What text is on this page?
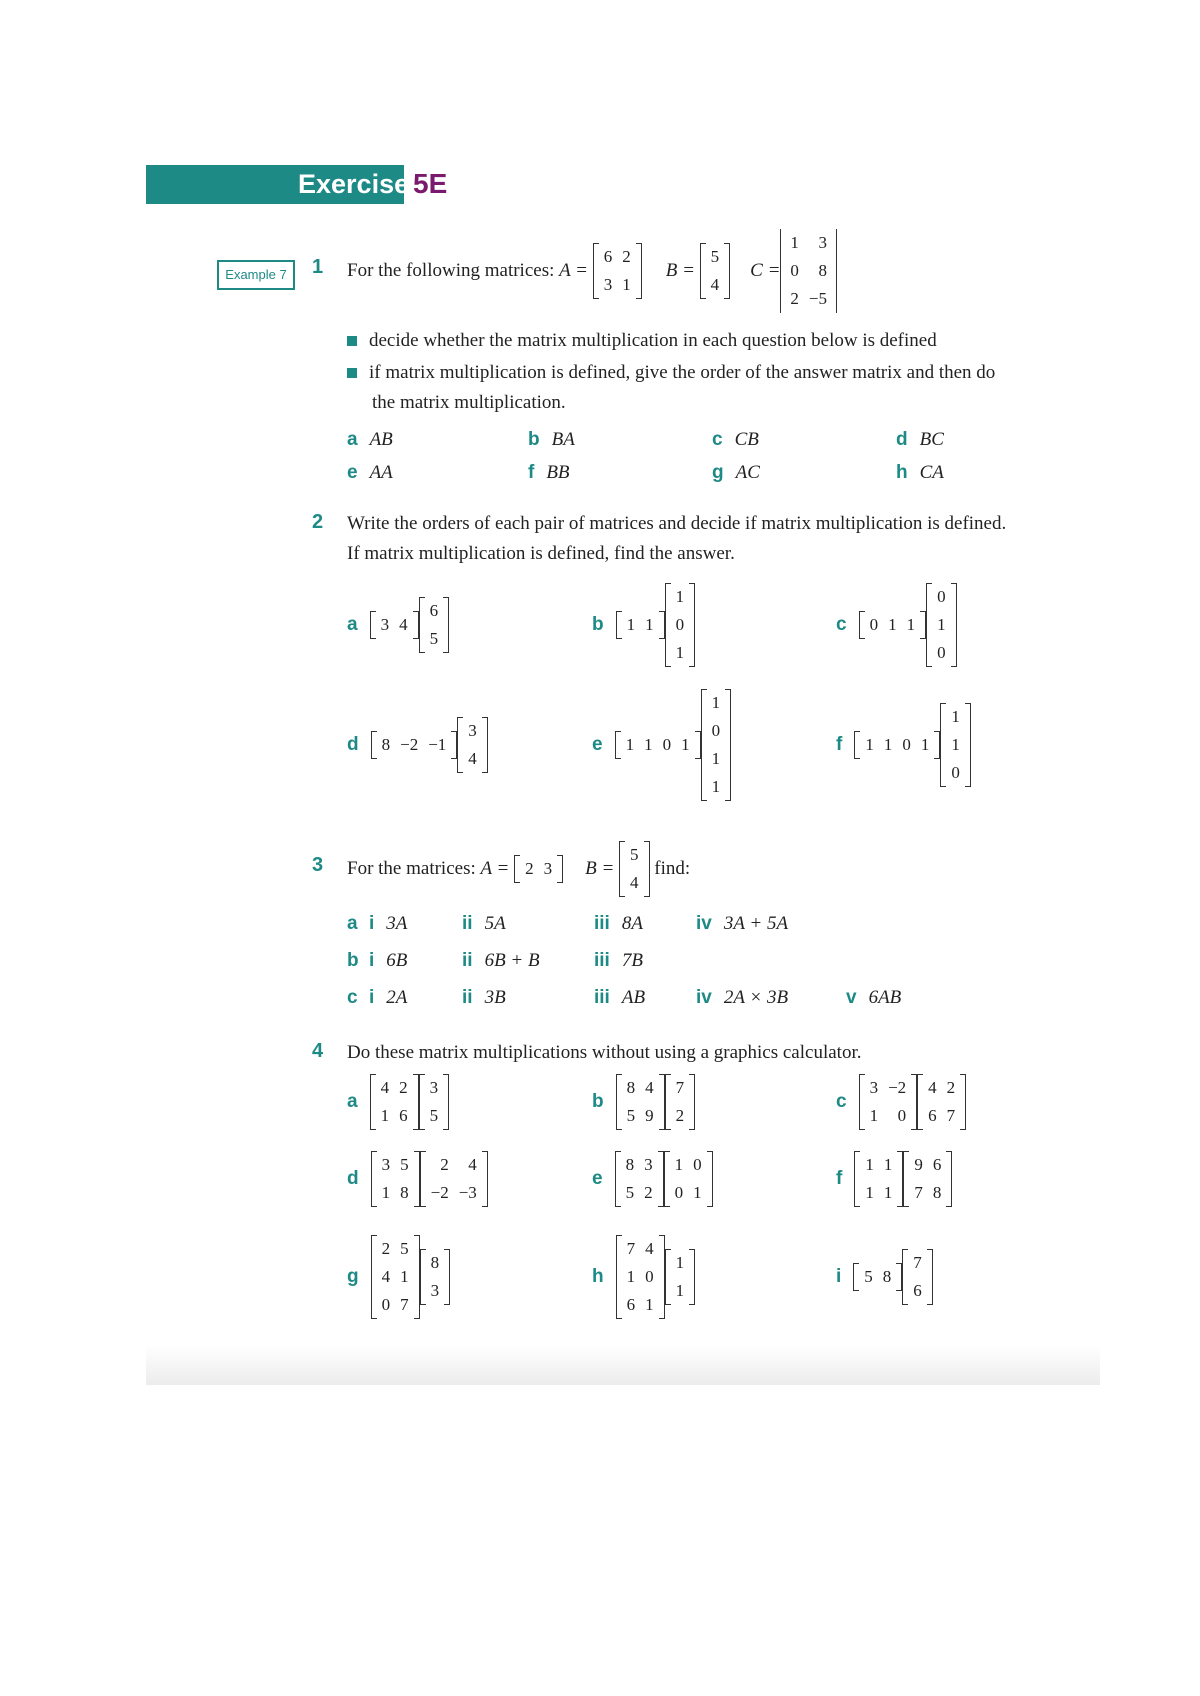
Exercise 5E
Example 7	1 For the following matrices:
A =

6	2
3	1
B =

5
4
C =
1	3
0	8
2	−5
decide whether the matrix multiplication in each question below is defined
if matrix multiplication is defined, give the order of the answer matrix and then do
the matrix multiplication.
a AB	b BA	c CB	d BC
e AA	f BB	g AC	h CA
2 Write the orders of each pair of matrices and decide if matrix multiplication is defined.
If matrix multiplication is defined, find the answer.
a 3	4
6
5
b 1	1
1
0
1
c 0	1	1
0
1
0
d 8	−2	−1
3
4
e 1	1	0	1
1
0
1
1
f 1	1	0	1
1
1
0
3 For the matrices:
A =
2	3 B =

5
4

find:
a i 3A	ii 5A	iii 8A	iv 3A + 5A
b i 6B	ii 6B + B	iii 7B
c i 2A	ii 3B	iii AB	iv 2A × 3B	v 6AB
4 Do these matrix multiplications without using a graphics calculator.
a
4	2
1	6
3
5
b
8	4
5	9
7
2
c
3	−2
1	0
4	2
6	7
d
3	5
1	8
2	4
−2	−3
e
8	3
5	2
1	0
0	1
f
1	1
1	1
9	6
7	8
g
2	5
4	1
0	7
8
3
h
7	4
1	0
6	1
1
1
i 5	8
7
6
